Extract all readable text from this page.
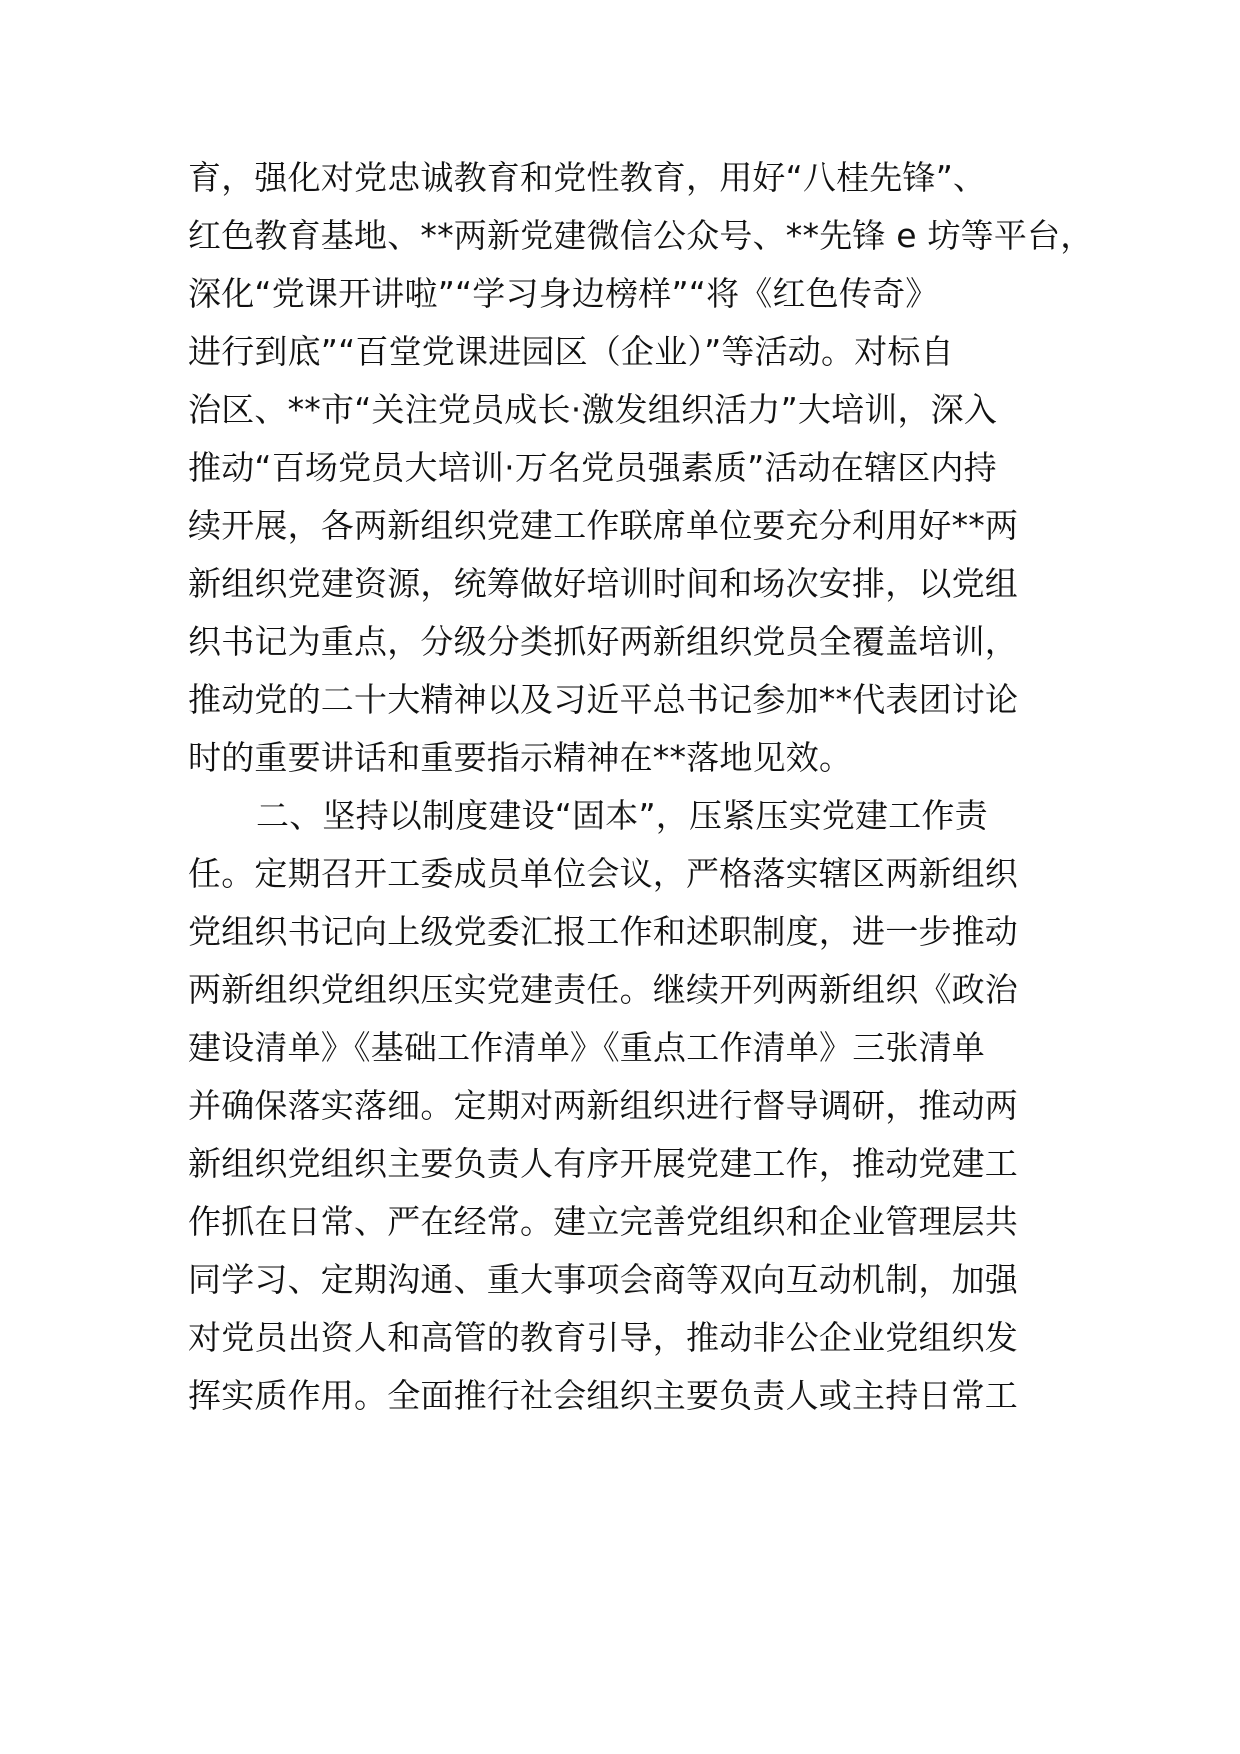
育，强化对党忠诚教育和党性教育，用好“八桂先锋”、
红色教育基地、**两新党建微信公众号、**先锋 e 坊等平台，
深化“党课开讲啦”“学习身边榜样”“将《红色传奇》
进行到底”“百堂党课进园区（企业）”等活动。对标自
治区、**市“关注党员成长·激发组织活力”大培训，深入
推动“百场党员大培训·万名党员强素质”活动在辖区内持
续开展，各两新组织党建工作联席单位要充分利用好**两
新组织党建资源，统筹做好培训时间和场次安排，以党组
织书记为重点，分级分类抓好两新组织党员全覆盖培训，
推动党的二十大精神以及习近平总书记参加**代表团讨论
时的重要讲话和重要指示精神在**落地见效。
二、坚持以制度建设“固本”，压紧压实党建工作责
任。定期召开工委成员单位会议，严格落实辖区两新组织
党组织书记向上级党委汇报工作和述职制度，进一步推动
两新组织党组织压实党建责任。继续开列两新组织《政治
建设清单》《基础工作清单》《重点工作清单》三张清单
并确保落实落细。定期对两新组织进行督导调研，推动两
新组织党组织主要负责人有序开展党建工作，推动党建工
作抓在日常、严在经常。建立完善党组织和企业管理层共
同学习、定期沟通、重大事项会商等双向互动机制，加强
对党员出资人和高管的教育引导，推动非公企业党组织发
挥实质作用。全面推行社会组织主要负责人或主持日常工
